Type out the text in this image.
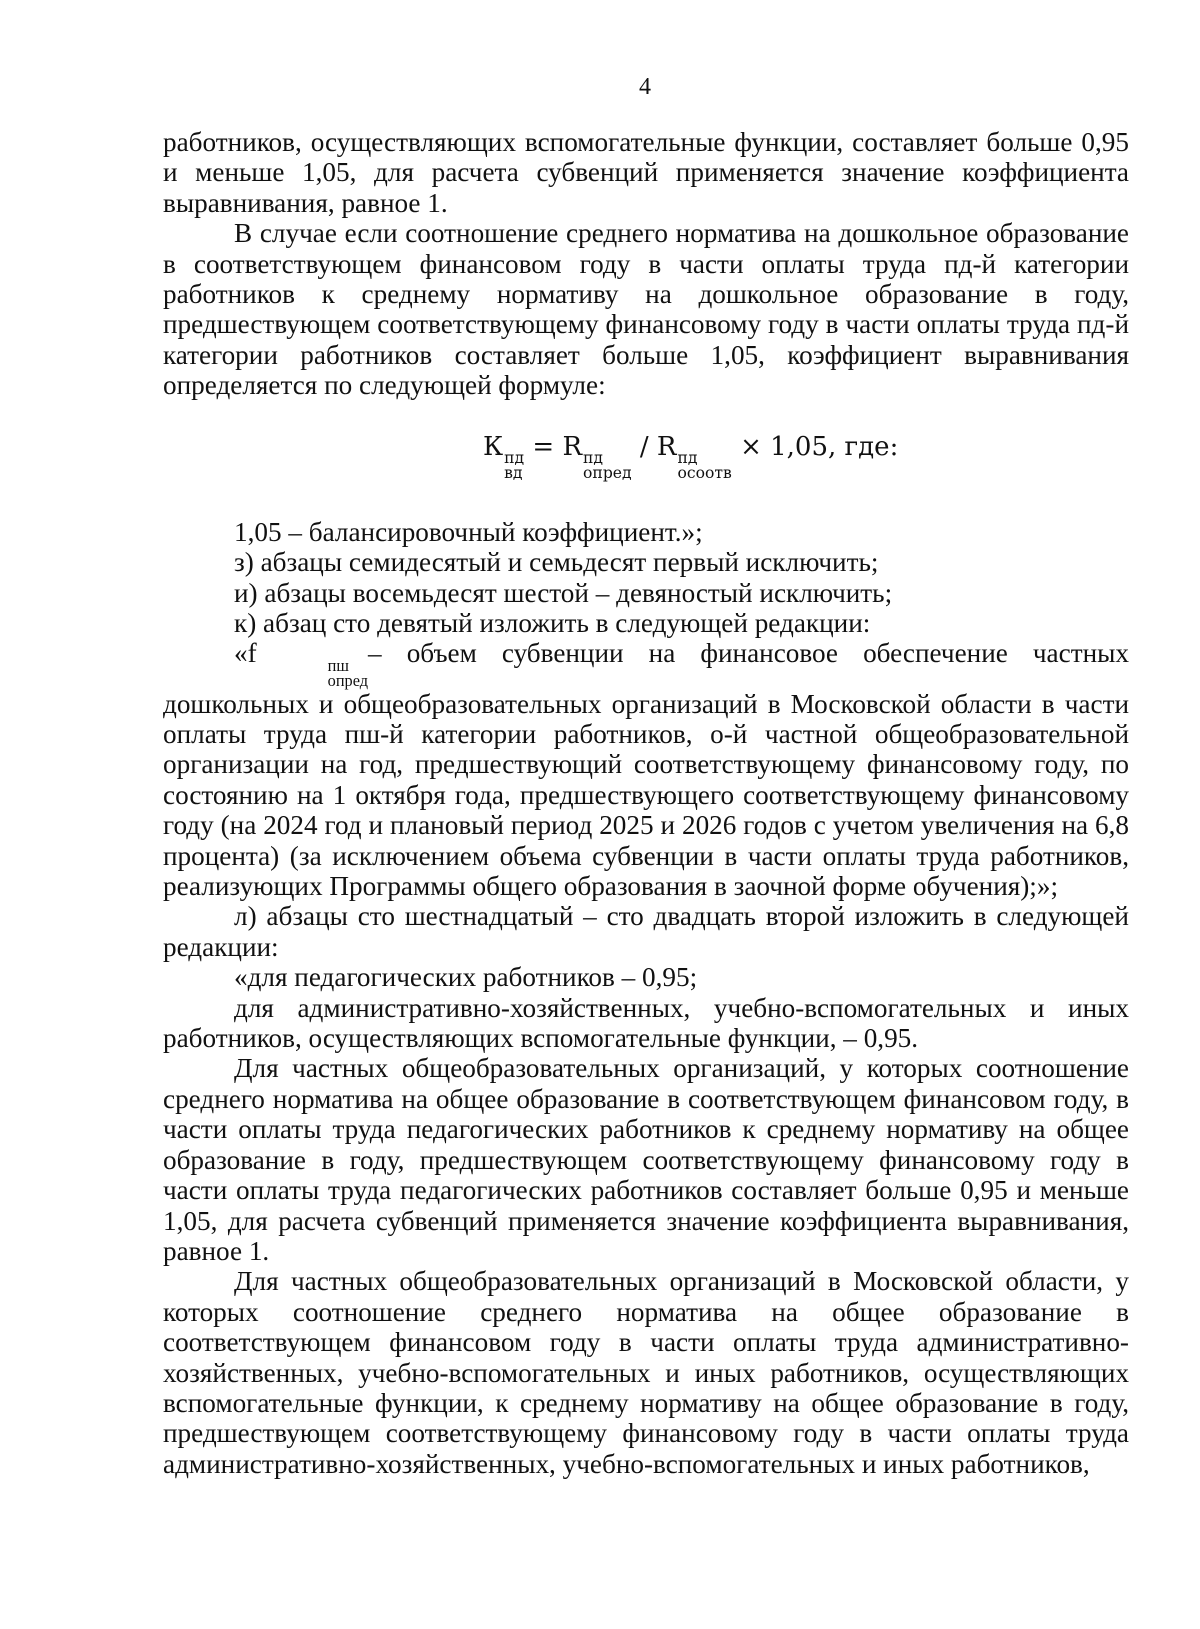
4

работников, осуществляющих вспомогательные функции, составляет больше 0,95 и меньше 1,05, для расчета субвенций применяется значение коэффициента выравнивания, равное 1.

В случае если соотношение среднего норматива на дошкольное образование в соответствующем финансовом году в части оплаты труда пд-й категории работников к среднему нормативу на дошкольное образование в году, предшествующем соответствующему финансовому году в части оплаты труда пд-й категории работников составляет больше 1,05, коэффициент выравнивания определяется по следующей формуле:

К пд
вд
= R пд
опред
/ R пд
осоотв
× 1,05, где:

1,05 – балансировочный коэффициент.»;

з) абзацы семидесятый и семьдесят первый исключить;

и) абзацы восемьдесят шестой – девяностый исключить;

к) абзац сто девятый изложить в следующей редакции:

«f	пш
опред
– объем субвенции на финансовое обеспечение частных дошкольных и общеобразовательных организаций в Московской области в части оплаты труда пш-й категории работников, о-й частной общеобразовательной организации на год, предшествующий соответствующему финансовому году, по состоянию на 1 октября года, предшествующего соответствующему финансовому году (на 2024 год и плановый период 2025 и 2026 годов с учетом увеличения на 6,8 процента) (за исключением объема субвенции в части оплаты труда работников, реализующих Программы общего образования в заочной форме обучения);»;

л) абзацы сто шестнадцатый – сто двадцать второй изложить в следующей редакции:

«для педагогических работников – 0,95;

для административно-хозяйственных, учебно-вспомогательных и иных работников, осуществляющих вспомогательные функции, – 0,95.

Для частных общеобразовательных организаций, у которых соотношение среднего норматива на общее образование в соответствующем финансовом году, в части оплаты труда педагогических работников к среднему нормативу на общее образование в году, предшествующем соответствующему финансовому году в части оплаты труда педагогических работников составляет больше 0,95 и меньше 1,05, для расчета субвенций применяется значение коэффициента выравнивания, равное 1.

Для частных общеобразовательных организаций в Московской области, у которых соотношение среднего норматива на общее образование в соответствующем финансовом году в части оплаты труда административно-хозяйственных, учебно-вспомогательных и иных работников, осуществляющих вспомогательные функции, к среднему нормативу на общее образование в году, предшествующем соответствующему финансовому году в части оплаты труда административно-хозяйственных, учебно-вспомогательных и иных работников,
